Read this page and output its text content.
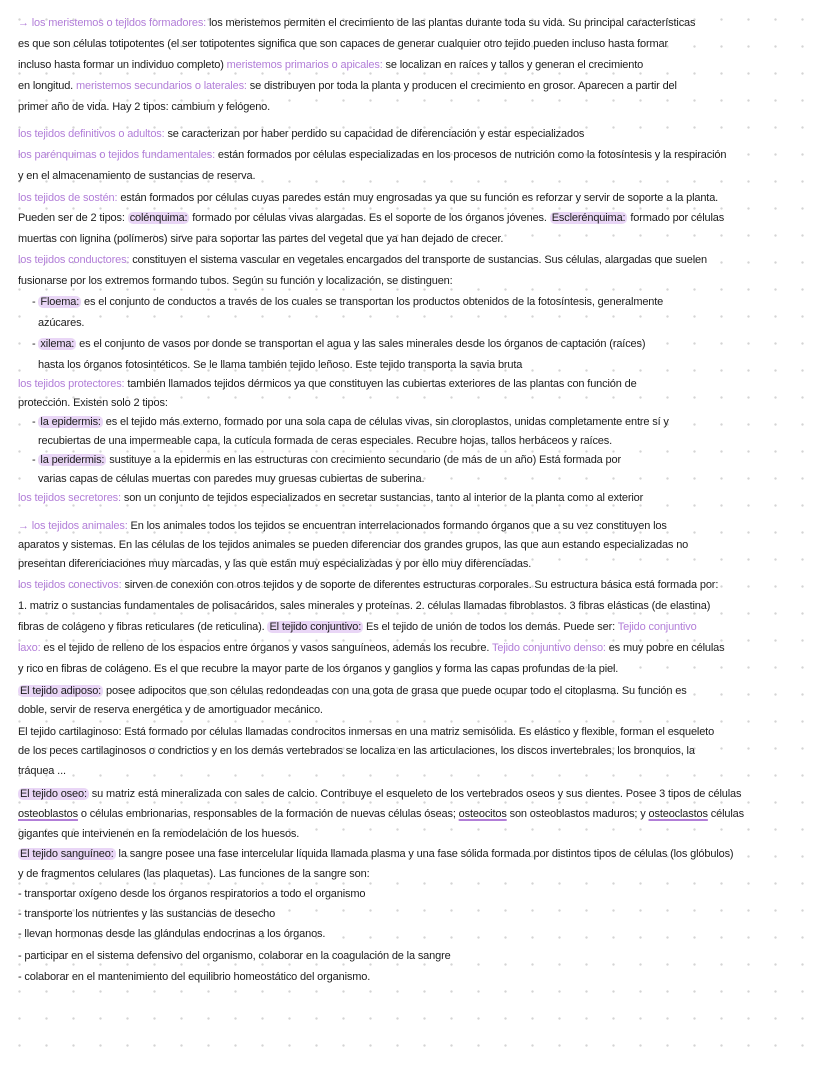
→ los meristemos o tejidos formadores: los meristemos permiten el crecimiento de las plantas durante toda su vida. Su principal características
es que son células totipotentes (el ser totipotentes significa que son capaces de generar cualquier otro tejido pueden incluso hasta formar
incluso hasta formar un individuo completo) meristemos primarios o apicales: se localizan en raíces y tallos y generan el crecimiento
en longitud. meristemos secundarios o laterales: se distribuyen por toda la planta y producen el crecimiento en grosor. Aparecen a partir del
primer año de vida. Hay 2 tipos: cambium y felógeno.
los tejidos definitivos o adultos: se caracterizan por haber perdido su capacidad de diferenciación y estar especializados
los parénquimas o tejidos fundamentales: están formados por células especializadas en los procesos de nutrición como la fotosíntesis y la respiración
y en el almacenamiento de sustancias de reserva.
los tejidos de sostén: están formados por células cuyas paredes están muy engrosadas ya que su función es reforzar y servir de soporte a la planta.
Pueden ser de 2 tipos: colénquima: formado por células vivas alargadas. Es el soporte de los órganos jóvenes. Esclerénquima: formado por células
muertas con lignina (polímeros) sirve para soportar las partes del vegetal que ya han dejado de crecer.
los tejidos conductores: constituyen el sistema vascular en vegetales encargados del transporte de sustancias. Sus células, alargadas que suelen
fusionarse por los extremos formando tubos. Según su función y localización, se distinguen:
- Floema: es el conjunto de conductos a través de los cuales se transportan los productos obtenidos de la fotosíntesis, generalmente
azúcares.
- xilema: es el conjunto de vasos por donde se transportan el agua y las sales minerales desde los órganos de captación (raíces)
hasta los órganos fotosintéticos. Se le llama también tejido leñoso. Este tejido transporta la savia bruta
los tejidos protectores: también llamados tejidos dérmicos ya que constituyen las cubiertas exteriores de las plantas con función de
protección. Existen solo 2 tipos:
- la epidermis: es el tejido más externo, formado por una sola capa de células vivas, sin cloroplastos, unidas completamente entre sí y
recubiertas de una impermeable capa, la cutícula formada de ceras especiales. Recubre hojas, tallos herbáceos y raíces.
- la peridermis: sustituye a la epidermis en las estructuras con crecimiento secundario (de más de un año) Está formada por
varias capas de células muertas con paredes muy gruesas cubiertas de suberina.
los tejidos secretores: son un conjunto de tejidos especializados en secretar sustancias, tanto al interior de la planta como al exterior
→ los tejidos animales: En los animales todos los tejidos se encuentran interrelacionados formando órganos que a su vez constituyen los
aparatos y sistemas. En las células de los tejidos animales se pueden diferenciar dos grandes grupos, las que aun estando especializadas no
presentan diferenciaciones muy marcadas, y las que están muy especializadas y por ello muy diferenciadas.
los tejidos conectivos: sirven de conexión con otros tejidos y de soporte de diferentes estructuras corporales. Su estructura básica está formada por:
1. matriz o sustancias fundamentales de polisacáridos, sales minerales y proteínas. 2. células llamadas fibroblastos. 3 fibras elásticas (de elastina)
fibras de colágeno y fibras reticulares (de reticulina). El tejido conjuntivo: Es el tejido de unión de todos los demás. Puede ser: Tejido conjuntivo
laxo: es el tejido de relleno de los espacios entre órganos y vasos sanguíneos, además los recubre. Tejido conjuntivo denso: es muy pobre en células
y rico en fibras de colágeno. Es el que recubre la mayor parte de los órganos y ganglios y forma las capas profundas de la piel.
El tejido adiposo: posee adipocitos que son células redondeadas con una gota de grasa que puede ocupar todo el citoplasma. Su función es
doble, servir de reserva energética y de amortiguador mecánico.
El tejido cartilaginoso: Está formado por células llamadas condrocitos inmersas en una matriz semisólida. Es elástico y flexible, forman el esqueleto
de los peces cartilaginosos o condrictios y en los demás vertebrados se localiza en las articulaciones, los discos invertebrales, los bronquios, la
tráquea ...
El tejido oseo: su matriz está mineralizada con sales de calcio. Contribuye el esqueleto de los vertebrados oseos y sus dientes. Posee 3 tipos de células
osteoblastos o células embrionarias, responsables de la formación de nuevas células óseas; osteocitos son osteoblastos maduros; y osteoclastos células
gigantes que intervienen en la remodelación de los huesos.
El tejido sanguíneo: la sangre posee una fase intercelular líquida llamada plasma y una fase sólida formada por distintos tipos de células (los glóbulos)
y de fragmentos celulares (las plaquetas). Las funciones de la sangre son:
- transportar oxígeno desde los órganos respiratorios a todo el organismo
- transporte los nutrientes y las sustancias de desecho
- llevan hormonas desde las glándulas endocrinas a los órganos.
- participar en el sistema defensivo del organismo, colaborar en la coagulación de la sangre
- colaborar en el mantenimiento del equilibrio homeostático del organismo.
